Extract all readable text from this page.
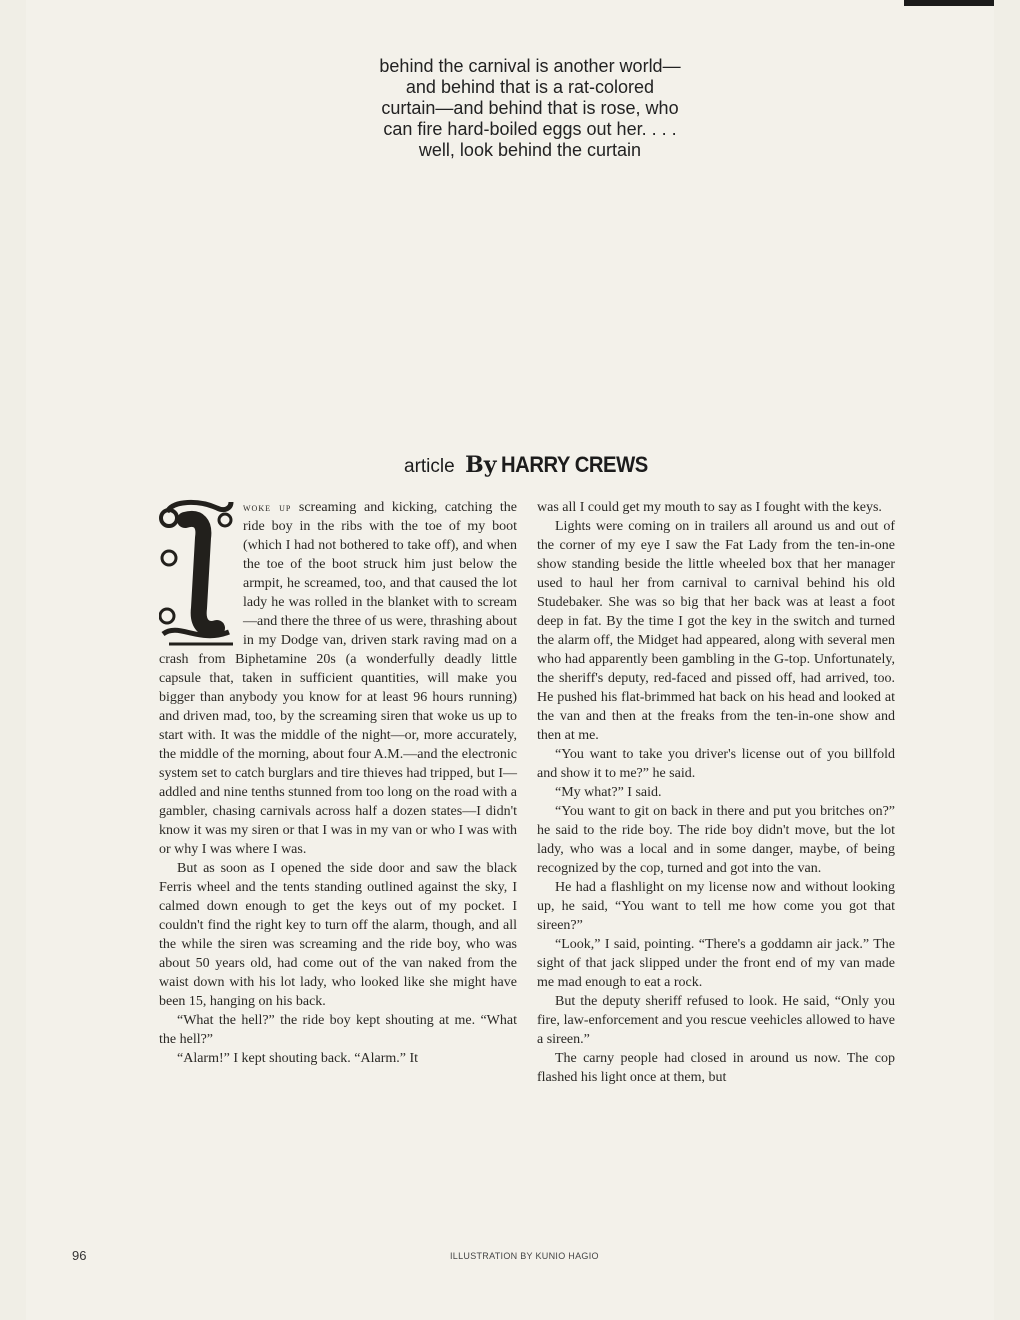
behind the carnival is another world—
and behind that is a rat-colored
curtain—and behind that is rose, who
can fire hard-boiled eggs out her. . . .
well, look behind the curtain
article By HARRY CREWS

woke up screaming and kicking, catching the ride boy in the ribs with the toe of my boot (which I had not bothered to take off), and when the toe of the boot struck him just below the armpit, he screamed, too, and that caused the lot lady he was rolled in the blanket with to scream—and there the three of us were, thrashing about in my Dodge van, driven stark raving mad on a crash from Biphetamine 20s (a wonderfully deadly little capsule that, taken in sufficient quantities, will make you bigger than anybody you know for at least 96 hours running) and driven mad, too, by the screaming siren that woke us up to start with. It was the middle of the night—or, more accurately, the middle of the morning, about four A.M.—and the electronic system set to catch burglars and tire thieves had tripped, but I—addled and nine tenths stunned from too long on the road with a gambler, chasing carnivals across half a dozen states—I didn't know it was my siren or that I was in my van or who I was with or why I was where I was.

But as soon as I opened the side door and saw the black Ferris wheel and the tents standing outlined against the sky, I calmed down enough to get the keys out of my pocket. I couldn't find the right key to turn off the alarm, though, and all the while the siren was screaming and the ride boy, who was about 50 years old, had come out of the van naked from the waist down with his lot lady, who looked like she might have been 15, hanging on his back.

“What the hell?” the ride boy kept shouting at me. “What the hell?”

“Alarm!” I kept shouting back. “Alarm.” It

was all I could get my mouth to say as I fought with the keys.

Lights were coming on in trailers all around us and out of the corner of my eye I saw the Fat Lady from the ten-in-one show standing beside the little wheeled box that her manager used to haul her from carnival to carnival behind his old Studebaker. She was so big that her back was at least a foot deep in fat. By the time I got the key in the switch and turned the alarm off, the Midget had appeared, along with several men who had apparently been gambling in the G-top. Unfortunately, the sheriff's deputy, red-faced and pissed off, had arrived, too. He pushed his flat-brimmed hat back on his head and looked at the van and then at the freaks from the ten-in-one show and then at me.

“You want to take you driver's license out of you billfold and show it to me?” he said.

“My what?” I said.

“You want to git on back in there and put you britches on?” he said to the ride boy. The ride boy didn't move, but the lot lady, who was a local and in some danger, maybe, of being recognized by the cop, turned and got into the van.

He had a flashlight on my license now and without looking up, he said, “You want to tell me how come you got that sireen?”

“Look,” I said, pointing. “There's a goddamn air jack.” The sight of that jack slipped under the front end of my van made me mad enough to eat a rock.

But the deputy sheriff refused to look. He said, “Only you fire, law-enforcement and you rescue veehicles allowed to have a sireen.”

The carny people had closed in around us now. The cop flashed his light once at them, but

96	ILLUSTRATION BY KUNIO HAGIO
